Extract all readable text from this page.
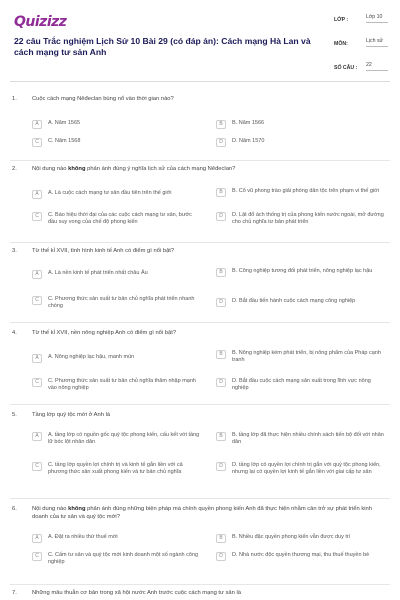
Quizizz
22 câu Trắc nghiệm Lịch Sử 10 Bài 29 (có đáp án): Cách mạng Hà Lan và cách mạng tư sản Anh
LỚP :	Lớp 10
MÔN:	Lịch sử
SỐ CÂU : 22
1.	Cuộc cách mạng Nêđeclan bùng nổ vào thời gian nào?
A	A. Năm 1565	B	B. Năm 1566
C	C. Năm 1568	D	D. Năm 1570
2.	Nội dung nào không phản ánh đúng ý nghĩa lịch sử của cách mạng Nêđeclan?
A	A. Là cuộc cách mạng tư sản đầu tiên trên thế giới	B	B. Cổ vũ phong trào giải phóng dân tộc trên phạm vi thế giới
C	C. Báo hiệu thời đại của các cuộc cách mạng tư sản, bước đầu suy vong của chế độ phong kiến
D	D. Lật đổ ách thống trị của phong kiến nước ngoài, mở đường cho chủ nghĩa tư bản phát triển
3.	Từ thế kỉ XVII, tình hình kinh tế Anh có điểm gì nổi bật?
A	A. Là nền kinh tế phát triển nhất châu Âu	B	B. Công nghiệp tương đối phát triển, nông nghiệp lạc hậu
C	C. Phương thức sản xuất tư bản chủ nghĩa phát triển nhanh chóng
D	D. Bắt đầu tiến hành cuộc cách mạng công nghiệp
4.	Từ thế kỉ XVII, nền nông nghiệp Anh có điểm gì nổi bật?
A	A. Nông nghiệp lạc hậu, manh mún	B	B. Nông nghiệp kém phát triển, bị nông phẩm của Pháp cạnh tranh
C	C. Phương thức sản xuất tư bản chủ nghĩa thâm nhập mạnh vào nông nghiệp
D	D. Bắt đầu cuộc cách mạng sản xuất trong lĩnh vực nông nghiệp
5.	Tầng lớp quý tộc mới ở Anh là
A	A. tầng lớp có nguồn gốc quý tộc phong kiến, cấu kết với tầng lữ bóc lột nhân dân
B	B. tầng lớp đã thực hiện nhiều chính sách tiến bộ đối với nhân dân
C	C. tầng lớp quyền lợi chính trị và kinh tế gắn liền với cả phương thức sản xuất phong kiến và tư bản chủ nghĩa
D	D. tầng lớp có quyền lợi chính trị gắn với quý tộc phong kiến, nhưng lại có quyền lợi kinh tế gắn liền với giai cấp tư sản
6.	Nội dung nào không phản ánh đúng những biện pháp mà chính quyền phong kiến Anh đã thực hiện nhằm cản trở sự phát triển kinh doanh của tư sản và quý tộc mới?
A	A. Đặt ra nhiều thứ thuế mới	B	B. Nhiều đặc quyền phong kiến vẫn được duy trì
C	C. Cấm tư sản và quý tộc mới kinh doanh một số ngành công nghiệp
D	D. Nhà nước độc quyền thương mại, thu thuế thuyền bè
7.	Những mâu thuẫn cơ bản trong xã hội nước Anh trước cuộc cách mạng tư sản là
